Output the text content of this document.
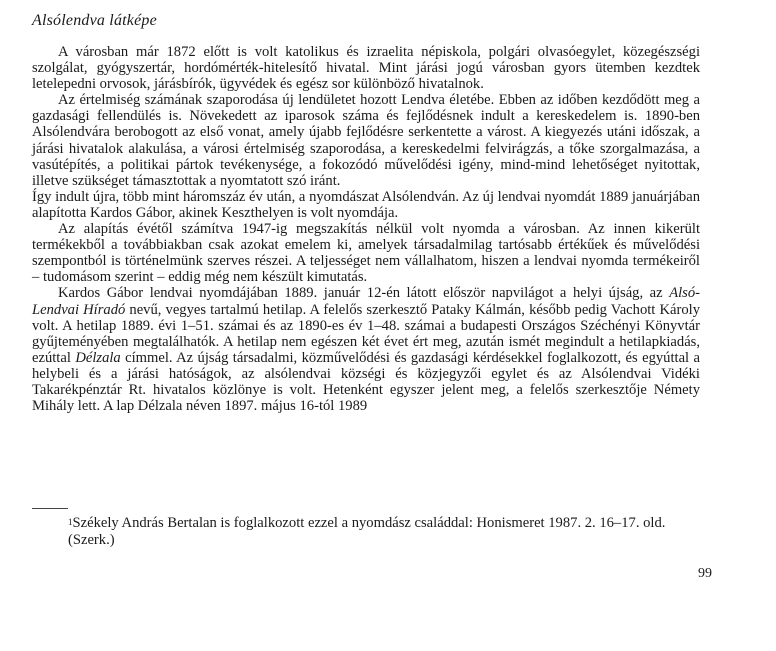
Alsólendva látképe

A városban már 1872 előtt is volt katolikus és izraelita népiskola, polgári olvasóegylet, közegészségi szolgálat, gyógyszertár, hordómérték-hitelesítő hivatal. Mint járási jogú városban gyors ütemben kezdtek letelepedni orvosok, járásbírók, ügyvédek és egész sor különböző hivatalnok.

Az értelmiség számának szaporodása új lendületet hozott Lendva életébe. Ebben az időben kezdődött meg a gazdasági fellendülés is. Növekedett az iparosok száma és fejlődésnek indult a kereskedelem is. 1890-ben Alsólendvára berobogott az első vonat, amely újabb fejlődésre serkentette a várost. A kiegyezés utáni időszak, a járási hivatalok alakulása, a városi értelmiség szaporodása, a kereskedelmi felvirágzás, a tőke szorgalmazása, a vasútépítés, a politikai pártok tevékenysége, a fokozódó művelődési igény, mind-mind lehetőséget nyitottak, illetve szükséget támasztottak a nyomtatott szó iránt.

Így indult újra, több mint háromszáz év után, a nyomdászat Alsólendván. Az új lendvai nyomdát 1889 januárjában alapította Kardos Gábor, akinek Keszthelyen is volt nyomdája.

Az alapítás évétől számítva 1947-ig megszakítás nélkül volt nyomda a városban. Az innen kikerült termékekből a továbbiakban csak azokat emelem ki, amelyek társadalmilag tartósabb értékűek és művelődési szempontból is történelmünk szerves részei. A teljességet nem vállalhatom, hiszen a lendvai nyomda termékeiről – tudomásom szerint – eddig még nem készült kimutatás.

Kardos Gábor lendvai nyomdájában 1889. január 12-én látott először napvilágot a helyi újság, az Alsó-Lendvai Híradó nevű, vegyes tartalmú hetilap. A felelős szerkesztő Pataky Kálmán, később pedig Vachott Károly volt. A hetilap 1889. évi 1–51. számai és az 1890-es év 1–48. számai a budapesti Országos Széchényi Könyvtár gyűjteményében megtalálhatók. A hetilap nem egészen két évet ért meg, azután ismét megindult a hetilapkiadás, ezúttal Délzala címmel. Az újság társadalmi, közművelődési és gazdasági kérdésekkel foglalkozott, és egyúttal a helybeli és a járási hatóságok, az alsólendvai községi és közjegyzői egylet és az Alsólendvai Vidéki Takarékpénztár Rt. hivatalos közlönye is volt. Hetenként egyszer jelent meg, a felelős szerkesztője Némety Mihály lett. A lap Délzala néven 1897. május 16-tól 1989

$^1$Székely András Bertalan is foglalkozott ezzel a nyomdász családdal: Honismeret 1987. 2. 16–17. old. (Szerk.)
99
